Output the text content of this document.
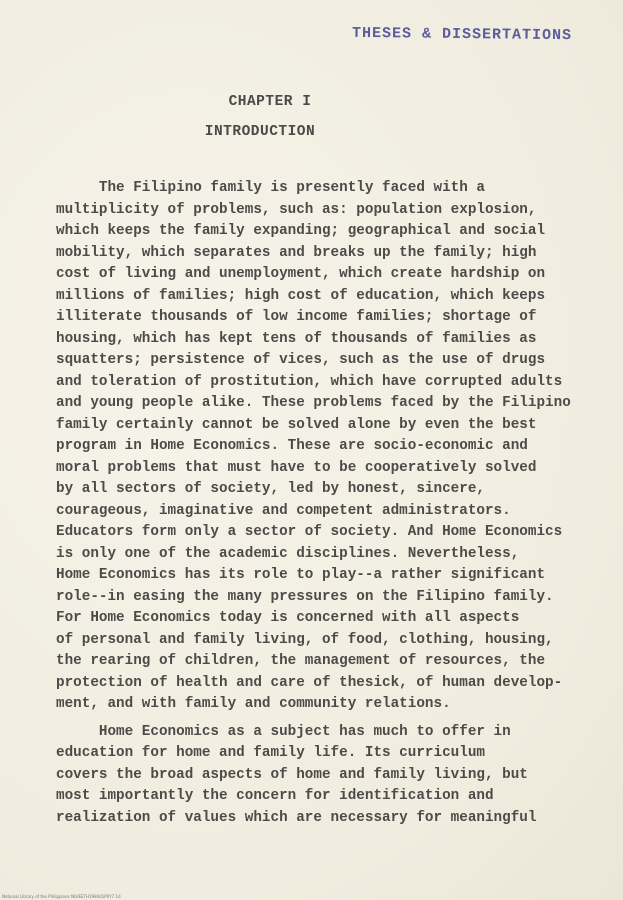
THESES & DISSERTATIONS
CHAPTER I
INTRODUCTION
The Filipino family is presently faced with a
multiplicity of problems, such as: population explosion,
which keeps the family expanding; geographical and social
mobility, which separates and breaks up the family; high
cost of living and unemployment, which create hardship on
millions of families; high cost of education, which keeps
illiterate thousands of low income families; shortage of
housing, which has kept tens of thousands of families as
squatters; persistence of vices, such as the use of drugs
and toleration of prostitution, which have corrupted adults
and young people alike. These problems faced by the Filipino
family certainly cannot be solved alone by even the best
program in Home Economics. These are socio-economic and
moral problems that must have to be cooperatively solved
by all sectors of society, led by honest, sincere,
courageous, imaginative and competent administrators.
Educators form only a sector of society. And Home Economics
is only one of the academic disciplines. Nevertheless,
Home Economics has its role to play--a rather significant
role--in easing the many pressures on the Filipino family.
For Home Economics today is concerned with all aspects
of personal and family living, of food, clothing, housing,
the rearing of children, the management of resources, the
protection of health and care of thesick, of human develop-
ment, and with family and community relations.
Home Economics as a subject has much to offer in
education for home and family life. Its curriculum
covers the broad aspects of home and family living, but
most importantly the concern for identification and
realization of values which are necessary for meaningful
National Library of the Philippines NLVEETH1984d1P0Y7 1d
